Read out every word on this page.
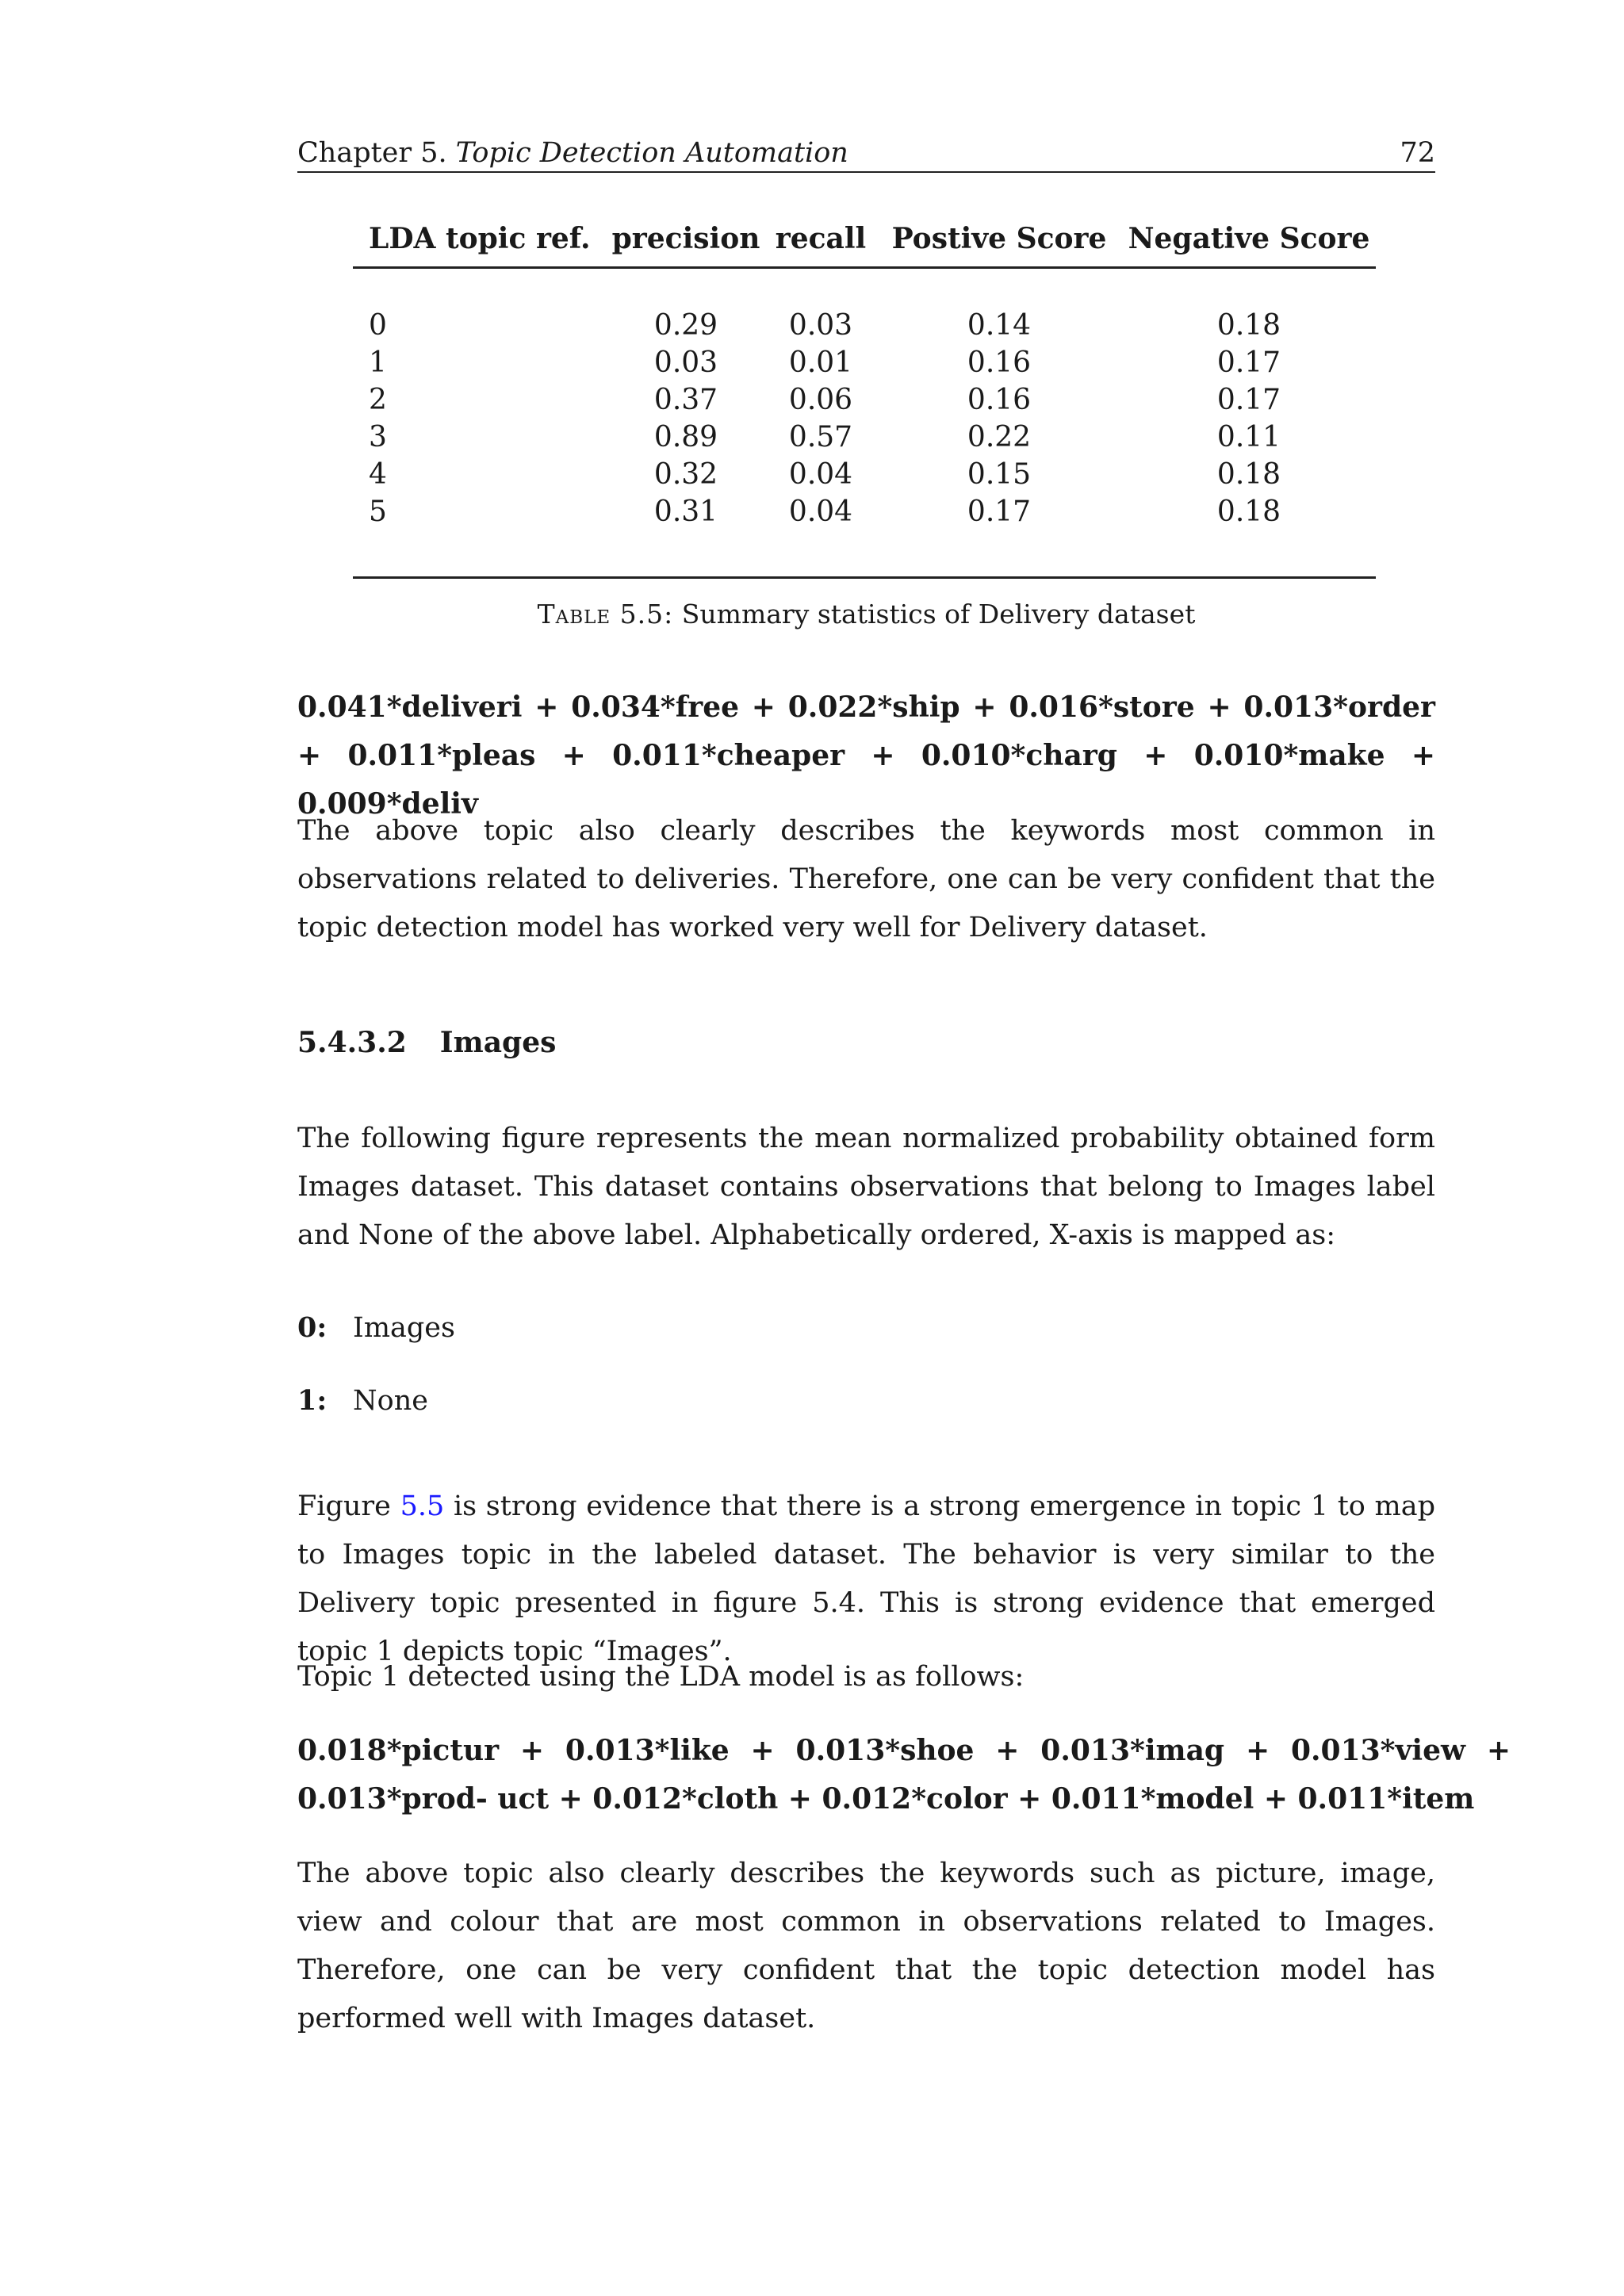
Chapter 5. Topic Detection Automation	72
LDA topic ref.	precision	recall	Postive Score	Negative Score

0	0.29	0.03	0.14	0.18
1	0.03	0.01	0.16	0.17
2	0.37	0.06	0.16	0.17
3	0.89	0.57	0.22	0.11
4	0.32	0.04	0.15	0.18
5	0.31	0.04	0.17	0.18

Table 5.5: Summary statistics of Delivery dataset
0.041*deliveri + 0.034*free + 0.022*ship + 0.016*store + 0.013*order + 0.011*pleas + 0.011*cheaper + 0.010*charg + 0.010*make + 0.009*deliv
The above topic also clearly describes the keywords most common in observations related to deliveries. Therefore, one can be very confident that the topic detection model has worked very well for Delivery dataset.
5.4.3.2 Images
The following figure represents the mean normalized probability obtained form Images dataset. This dataset contains observations that belong to Images label and None of the above label. Alphabetically ordered, X-axis is mapped as:
0: Images
1: None
Figure 5.5 is strong evidence that there is a strong emergence in topic 1 to map to Images topic in the labeled dataset. The behavior is very similar to the Delivery topic presented in figure 5.4. This is strong evidence that emerged topic 1 depicts topic “Images”.
Topic 1 detected using the LDA model is as follows:
0.018*pictur + 0.013*like + 0.013*shoe + 0.013*imag + 0.013*view + 0.013*prod- uct + 0.012*cloth + 0.012*color + 0.011*model + 0.011*item
The above topic also clearly describes the keywords such as picture, image, view and colour that are most common in observations related to Images. Therefore, one can be very confident that the topic detection model has performed well with Images dataset.
